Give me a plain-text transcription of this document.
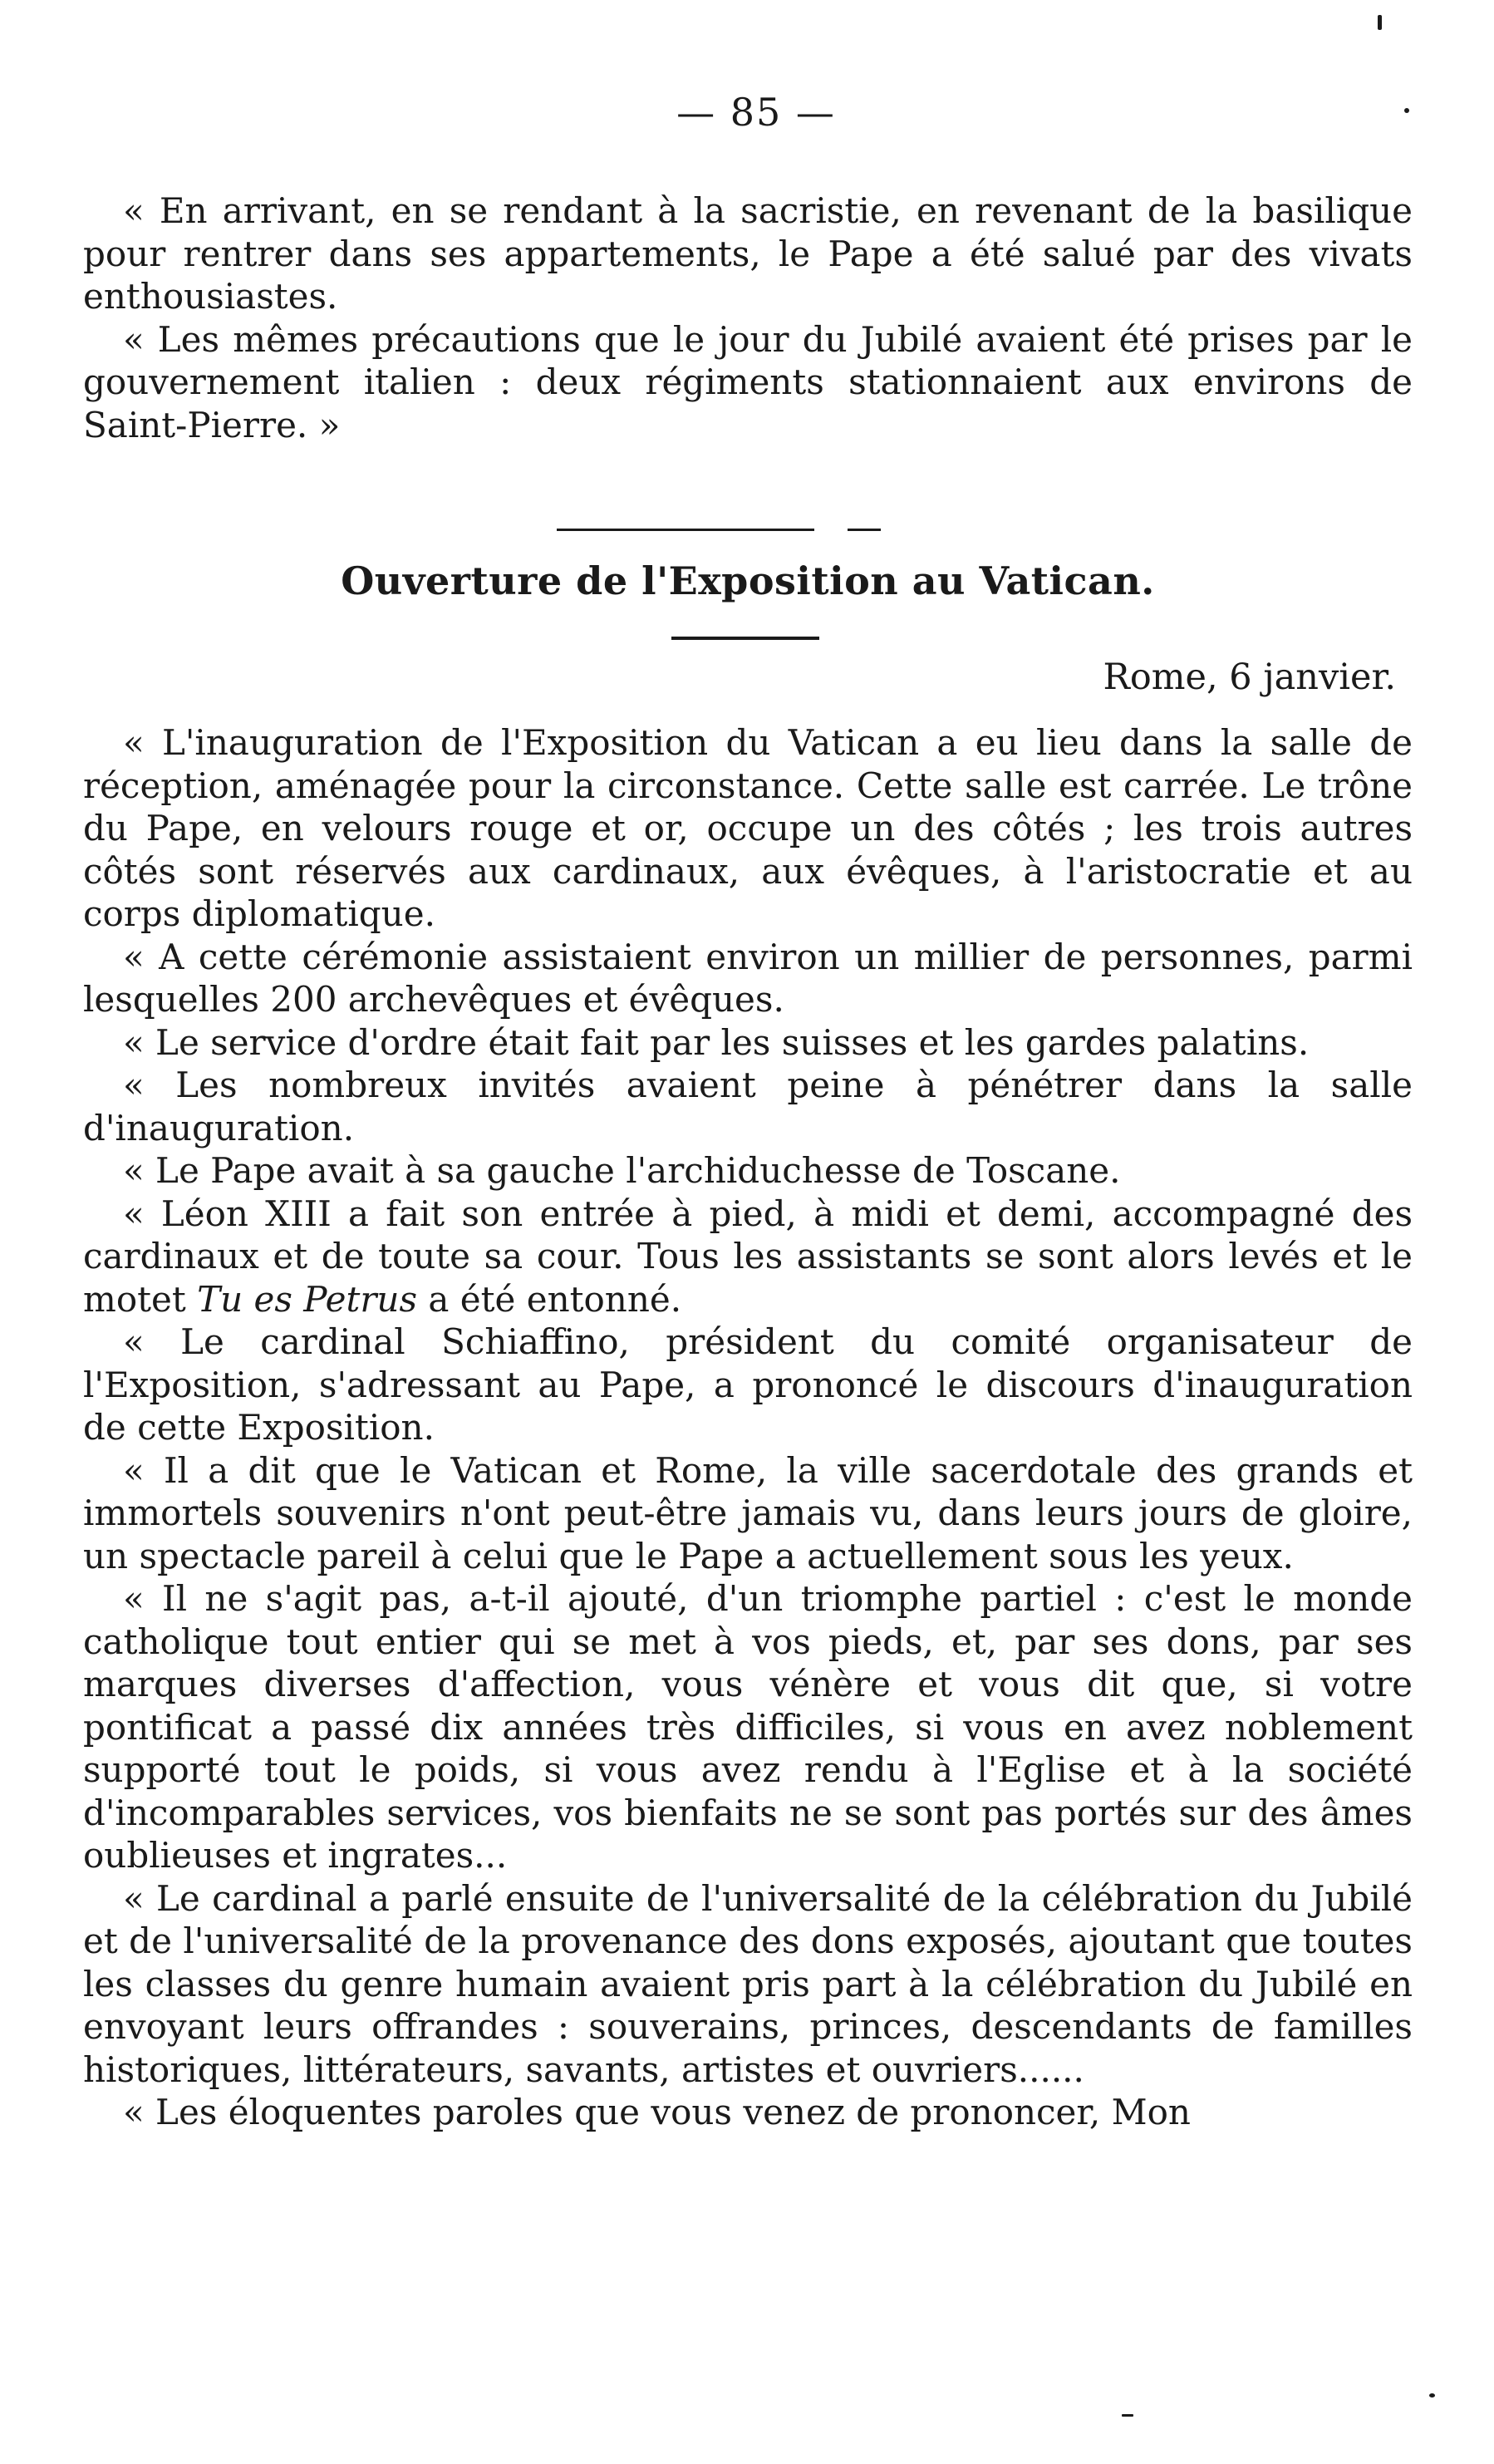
— 85 —

« En arrivant, en se rendant à la sacristie, en revenant de la basilique pour rentrer dans ses appartements, le Pape a été salué par des vivats enthousiastes.

« Les mêmes précautions que le jour du Jubilé avaient été prises par le gouvernement italien : deux régiments stationnaient aux environs de Saint-Pierre. »

Ouverture de l'Exposition au Vatican.
Rome, 6 janvier.

« L'inauguration de l'Exposition du Vatican a eu lieu dans la salle de réception, aménagée pour la circonstance. Cette salle est carrée. Le trône du Pape, en velours rouge et or, occupe un des côtés ; les trois autres côtés sont réservés aux cardinaux, aux évêques, à l'aristocratie et au corps diplomatique.

« A cette cérémonie assistaient environ un millier de personnes, parmi lesquelles 200 archevêques et évêques.

« Le service d'ordre était fait par les suisses et les gardes palatins.

« Les nombreux invités avaient peine à pénétrer dans la salle d'inauguration.

« Le Pape avait à sa gauche l'archiduchesse de Toscane.

« Léon XIII a fait son entrée à pied, à midi et demi, accompagné des cardinaux et de toute sa cour. Tous les assistants se sont alors levés et le motet Tu es Petrus a été entonné.

« Le cardinal Schiaffino, président du comité organisateur de l'Exposition, s'adressant au Pape, a prononcé le discours d'inauguration de cette Exposition.

« Il a dit que le Vatican et Rome, la ville sacerdotale des grands et immortels souvenirs n'ont peut-être jamais vu, dans leurs jours de gloire, un spectacle pareil à celui que le Pape a actuellement sous les yeux.

« Il ne s'agit pas, a-t-il ajouté, d'un triomphe partiel : c'est le monde catholique tout entier qui se met à vos pieds, et, par ses dons, par ses marques diverses d'affection, vous vénère et vous dit que, si votre pontificat a passé dix années très difficiles, si vous en avez noblement supporté tout le poids, si vous avez rendu à l'Eglise et à la société d'incomparables services, vos bienfaits ne se sont pas portés sur des âmes oublieuses et ingrates...

« Le cardinal a parlé ensuite de l'universalité de la célébration du Jubilé et de l'universalité de la provenance des dons exposés, ajoutant que toutes les classes du genre humain avaient pris part à la célébration du Jubilé en envoyant leurs offrandes : souverains, princes, descendants de familles historiques, littérateurs, savants, artistes et ouvriers......

« Les éloquentes paroles que vous venez de prononcer, Mon
